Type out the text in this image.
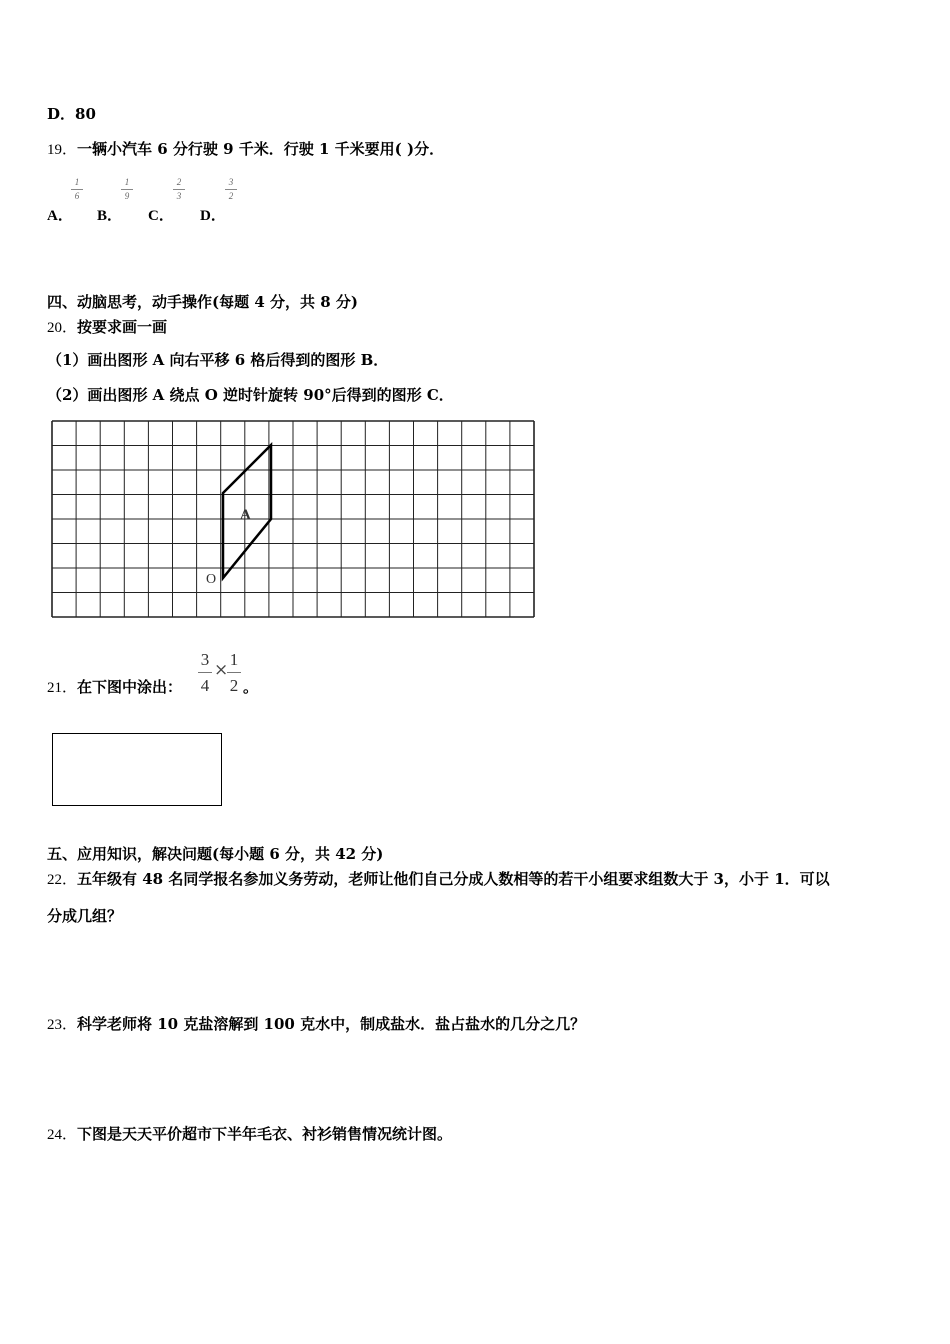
D．80
19．一辆小汽车 6 分行驶 9 千米．行驶 1 千米要用( )分．
A．
1
6
B．
1
9
C．
2
3
D．
3
2
四、动脑思考，动手操作(每题 4 分，共 8 分)
20．按要求画一画
（1）画出图形 A 向右平移 6 格后得到的图形 B．
（2）画出图形 A 绕点 O 逆时针旋转 90°后得到的图形 C．
A
O
21．在下图中涂出：
3
4
×
1
2 。
五、应用知识，解决问题(每小题 6 分，共 42 分)
22．五年级有 48 名同学报名参加义务劳动，老师让他们自己分成人数相等的若干小组要求组数大于 3，小于 1．可以
分成几组？
23．科学老师将 10 克盐溶解到 100 克水中，制成盐水．盐占盐水的几分之几？
24．下图是天天平价超市下半年毛衣、衬衫销售情况统计图。
